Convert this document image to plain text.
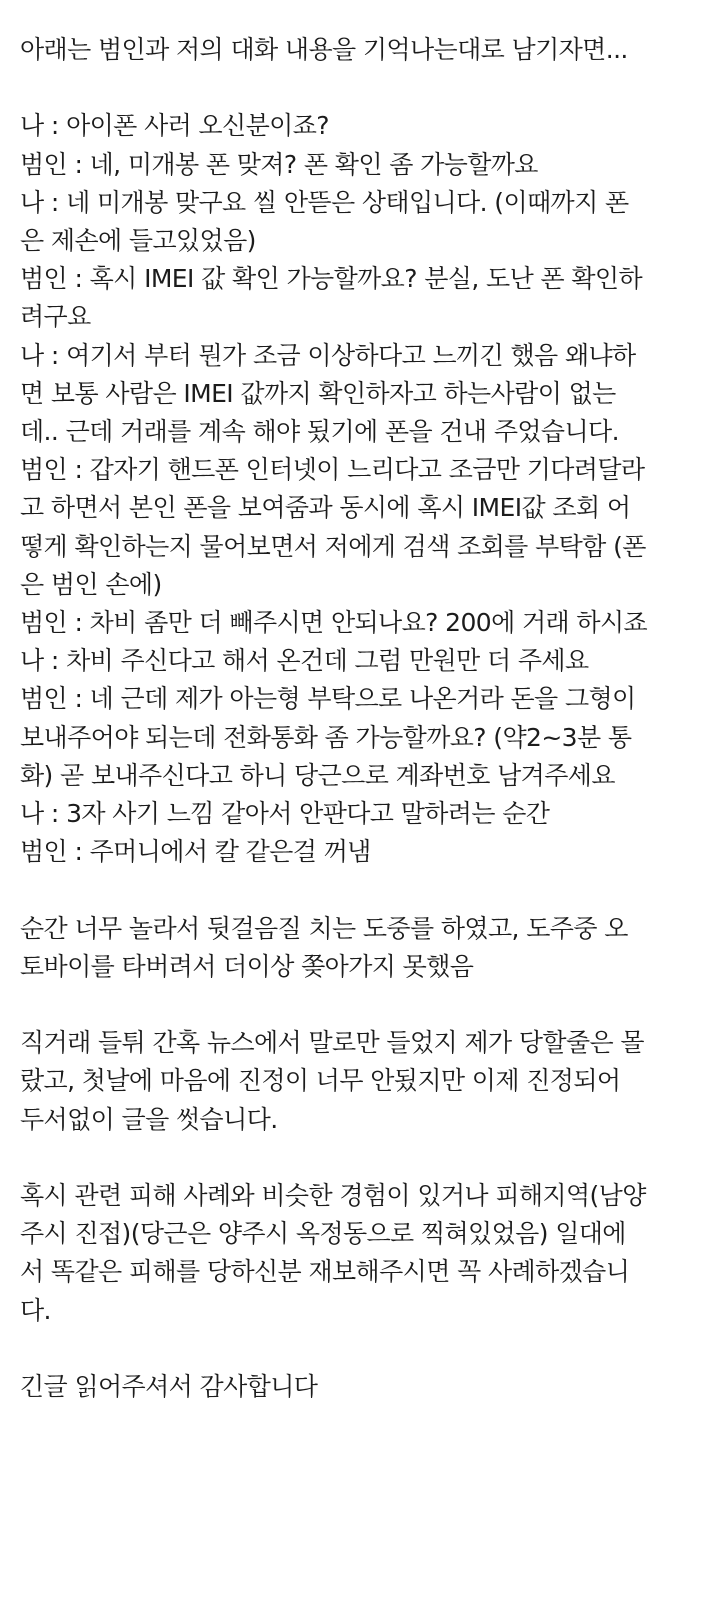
아래는 범인과 저의 대화 내용을 기억나는대로 남기자면...

나 : 아이폰 사러 오신분이죠?
범인 : 네, 미개봉 폰 맞져? 폰 확인 좀 가능할까요
나 : 네 미개봉 맞구요 씰 안뜯은 상태입니다. (이때까지 폰
은 제손에 들고있었음)
범인 : 혹시 IMEI 값 확인 가능할까요? 분실, 도난 폰 확인하
려구요
나 : 여기서 부터 뭔가 조금 이상하다고 느끼긴 했음 왜냐하
면 보통 사람은 IMEI 값까지 확인하자고 하는사람이 없는
데.. 근데 거래를 계속 해야 됬기에 폰을 건내 주었습니다.
범인 : 갑자기 핸드폰 인터넷이 느리다고 조금만 기다려달라
고 하면서 본인 폰을 보여줌과 동시에 혹시 IMEI값 조회 어
떻게 확인하는지 물어보면서 저에게 검색 조회를 부탁함 (폰
은 범인 손에)
범인 : 차비 좀만 더 빼주시면 안되나요? 200에 거래 하시죠
나 : 차비 주신다고 해서 온건데 그럼 만원만 더 주세요
범인 : 네 근데 제가 아는형 부탁으로 나온거라 돈을 그형이
보내주어야 되는데 전화통화 좀 가능할까요? (약2~3분 통
화) 곧 보내주신다고 하니 당근으로 계좌번호 남겨주세요
나 : 3자 사기 느낌 같아서 안판다고 말하려는 순간
범인 : 주머니에서 칼 같은걸 꺼냄

순간 너무 놀라서 뒷걸음질 치는 도중를 하였고, 도주중 오
토바이를 타버려서 더이상 쫒아가지 못했음

직거래 들튀 간혹 뉴스에서 말로만 들었지 제가 당할줄은 몰
랐고, 첫날에 마음에 진정이 너무 안됬지만 이제 진정되어
두서없이 글을 썻습니다.

혹시 관련 피해 사례와 비슷한 경험이 있거나 피해지역(남양
주시 진접)(당근은 양주시 옥정동으로 찍혀있었음) 일대에
서 똑같은 피해를 당하신분 재보해주시면 꼭 사례하겠습니
다.

긴글 읽어주셔서 감사합니다
